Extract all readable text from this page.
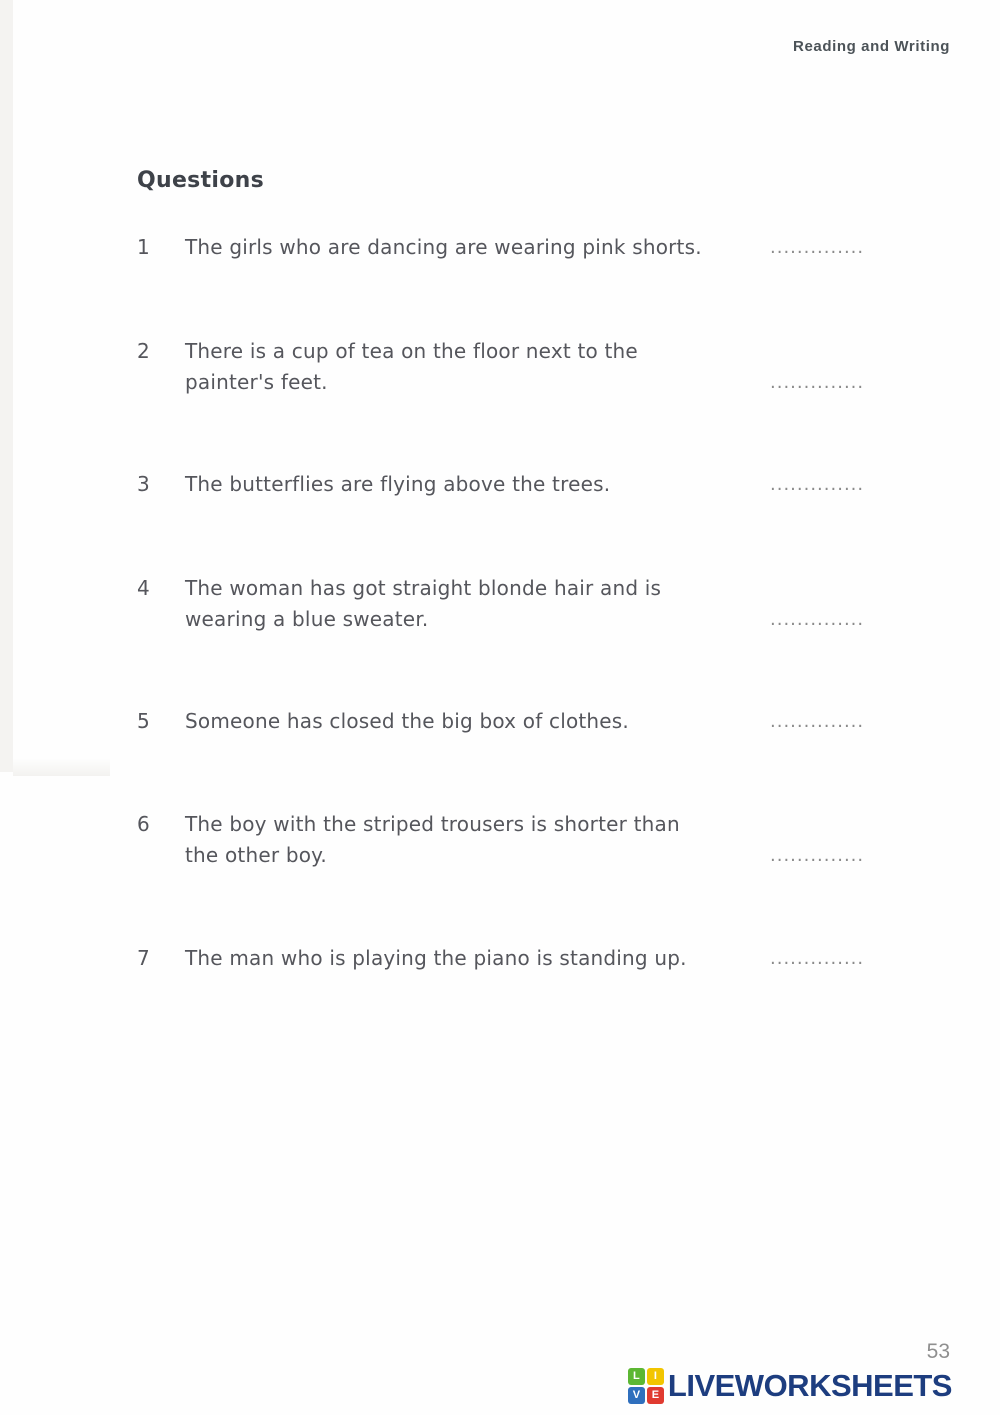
Reading and Writing
Questions
1 The girls who are dancing are wearing pink shorts.	..............
2 There is a cup of tea on the floor next to the
painter's feet.	..............
3 The butterflies are flying above the trees.	..............
4 The woman has got straight blonde hair and is
wearing a blue sweater.	..............
5 Someone has closed the big box of clothes.	..............
6 The boy with the striped trousers is shorter than
the other boy.	..............
7 The man who is playing the piano is standing up.	..............
53
L	I
V	E LIVEWORKSHEETS
